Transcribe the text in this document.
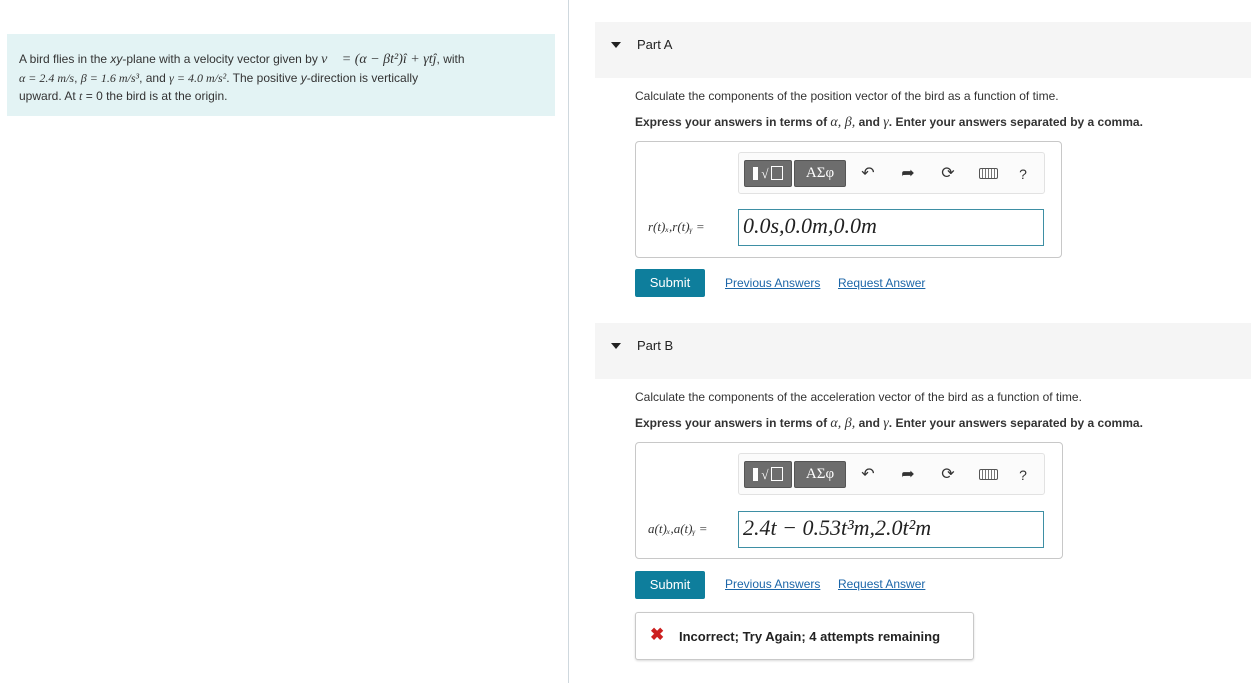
A bird flies in the xy-plane with a velocity vector given by v⃗ = (α − βt²)î + γtĵ, with
α = 2.4 m/s, β = 1.6 m/s³, and γ = 4.0 m/s². The positive y-direction is vertically
upward. At t = 0 the bird is at the origin.
Part A
Calculate the components of the position vector of the bird as a function of time.
Express your answers in terms of α, β, and γ. Enter your answers separated by a comma.
√	ΑΣφ	↶ ➦ ⟳	?
r(t)ₓ,r(t)ᵧ = 0.0s,0.0m,0.0m
Submit	Previous Answers Request Answer
Part B
Calculate the components of the acceleration vector of the bird as a function of time.
Express your answers in terms of α, β, and γ. Enter your answers separated by a comma.
√	ΑΣφ	↶ ➦ ⟳	?
a(t)ₓ,a(t)ᵧ = 2.4t − 0.53t³m,2.0t²m
Submit	Previous Answers Request Answer
✖ Incorrect; Try Again; 4 attempts remaining
